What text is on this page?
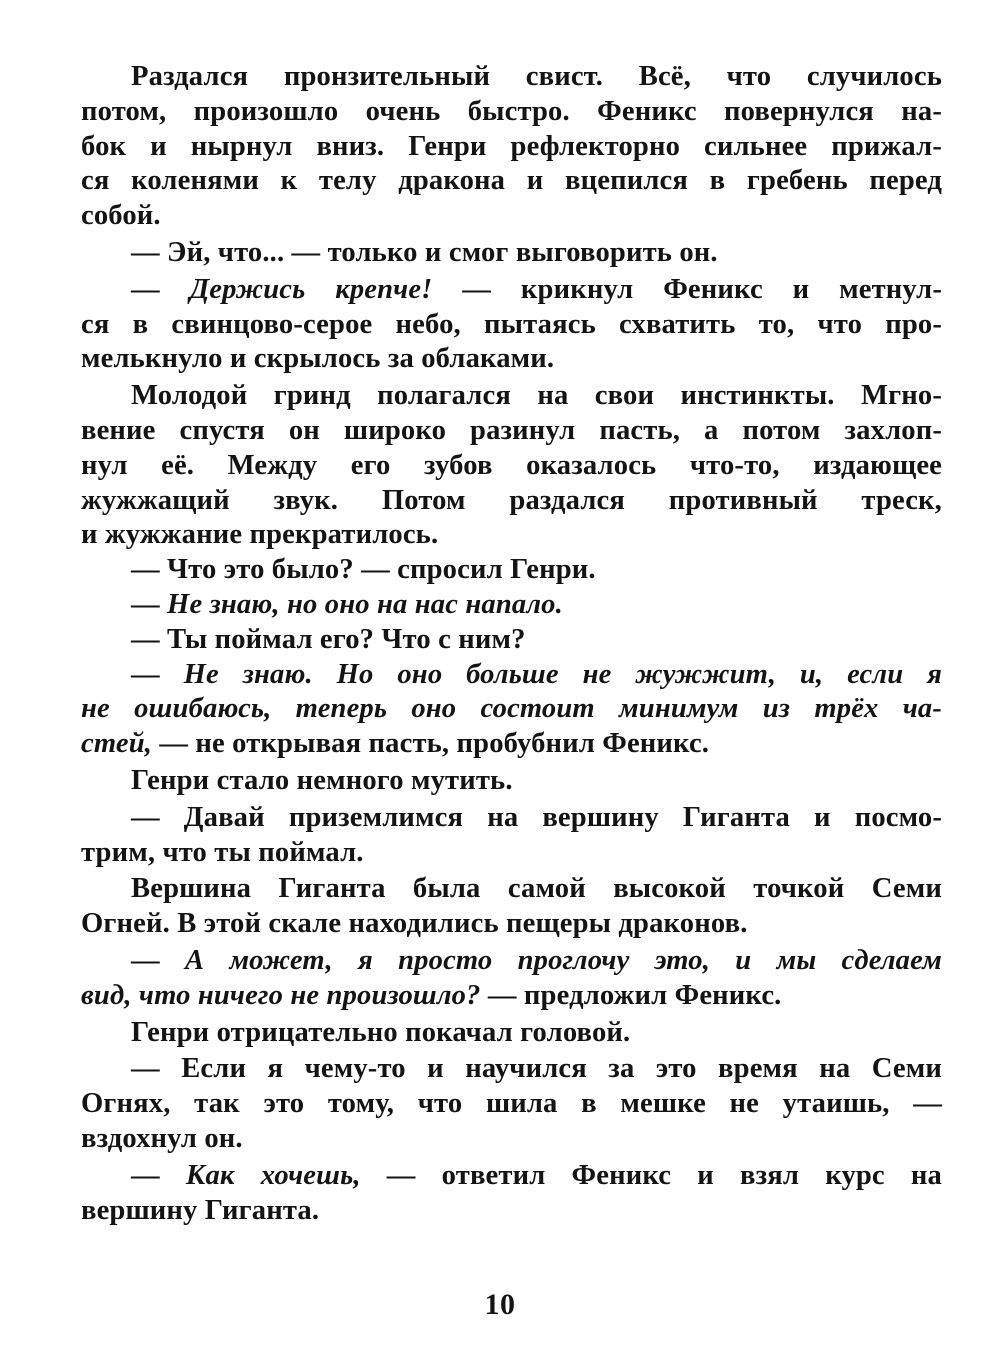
Раздался пронзительный свист. Всё, что случилось
потом, произошло очень быстро. Феникс повернулся на-
бок и нырнул вниз. Генри рефлекторно сильнее прижал-
ся коленями к телу дракона и вцепился в гребень перед
собой.
— Эй, что... — только и смог выговорить он.
— Держись крепче! — крикнул Феникс и метнул-
ся в свинцово-серое небо, пытаясь схватить то, что про-
мелькнуло и скрылось за облаками.
Молодой гринд полагался на свои инстинкты. Мгно-
вение спустя он широко разинул пасть, а потом захлоп-
нул её. Между его зубов оказалось что-то, издающее
жужжащий звук. Потом раздался противный треск,
и жужжание прекратилось.
— Что это было? — спросил Генри.
— Не знаю, но оно на нас напало.
— Ты поймал его? Что с ним?
— Не знаю. Но оно больше не жужжит, и, если я
не ошибаюсь, теперь оно состоит минимум из трёх ча-
стей, — не открывая пасть, пробубнил Феникс.
Генри стало немного мутить.
— Давай приземлимся на вершину Гиганта и посмо-
трим, что ты поймал.
Вершина Гиганта была самой высокой точкой Семи
Огней. В этой скале находились пещеры драконов.
— А может, я просто проглочу это, и мы сделаем
вид, что ничего не произошло? — предложил Феникс.
Генри отрицательно покачал головой.
— Если я чему-то и научился за это время на Семи
Огнях, так это тому, что шила в мешке не утаишь, —
вздохнул он.
— Как хочешь, — ответил Феникс и взял курс на
вершину Гиганта.
10
